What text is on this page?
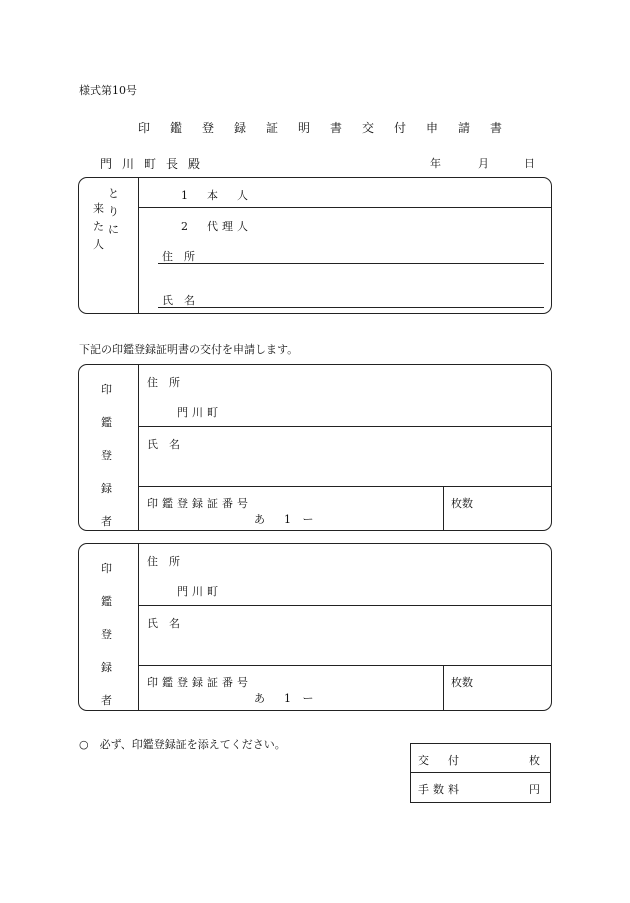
様式第10号
印鑑登録証明書交付申請書
門川町長殿	年	月	日
来
た
人
と
り
に
1　本　人
2　代理人
住　所
氏　名
下記の印鑑登録証明書の交付を申請します。
印
鑑
登
録
者
住　所
門川町
氏　名
印鑑登録証番号
あ　1 ー
枚数
印
鑑
登
録
者
住　所
門川町
氏　名
印鑑登録証番号
あ　1 ー
枚数
○　必ず、印鑑登録証を添えてください。
交　付	枚
手数料	円
